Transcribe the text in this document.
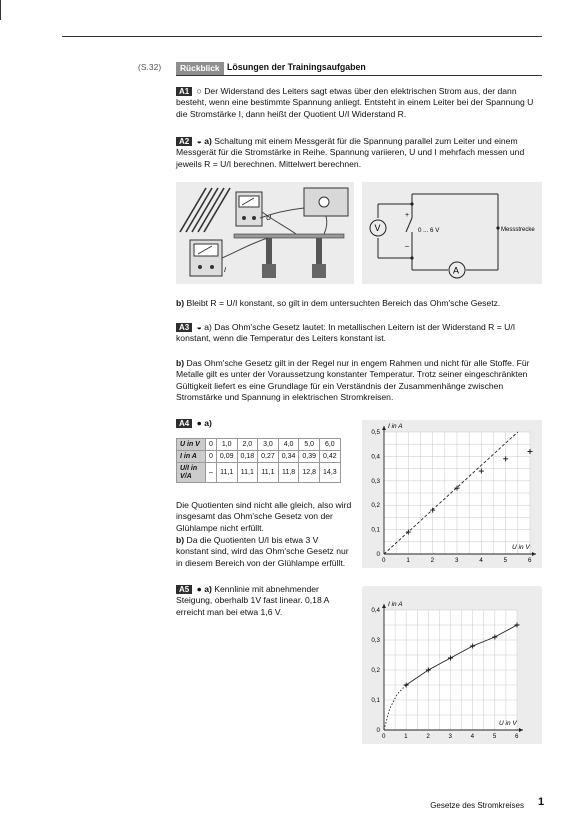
(S.32)	Rückblick Lösungen der Trainingsaufgaben
A1 ○ Der Widerstand des Leiters sagt etwas über den elektrischen Strom aus, der dann besteht, wenn eine bestimmte Spannung anliegt. Entsteht in einem Leiter bei der Spannung U die Stromstärke I, dann heißt der Quotient U/I Widerstand R.
A2 ◒ a) Schaltung mit einem Messgerät für die Spannung parallel zum Leiter und einem Messgerät für die Stromstärke in Reihe. Spannung variieren, U und I mehrfach messen und jeweils R = U/I berechnen. Mittelwert berechnen.
U
I
V
A
+
–
0 ... 6 V	Messstrecke
b) Bleibt R = U/I konstant, so gilt in dem untersuchten Bereich das Ohm'sche Gesetz.
A3 ◒ a) Das Ohm'sche Gesetz lautet: In metallischen Leitern ist der Widerstand R = U/I konstant, wenn die Temperatur des Leiters konstant ist.
b) Das Ohm'sche Gesetz gilt in der Regel nur in engem Rahmen und nicht für alle Stoffe. Für Metalle gilt es unter der Voraussetzung konstanter Temperatur. Trotz seiner eingeschränkten Gültigkeit liefert es eine Grundlage für ein Verständnis der Zusammenhänge zwischen Stromstärke und Spannung in elektrischen Stromkreisen.
A4 ● a)
U in V	0	1,0	2,0	3,0	4,0	5,0	6,0
I in A	0	0,09	0,18	0,27	0,34	0,39	0,42
U/I in V/A	–	11,1	11,1	11,1	11,8	12,8	14,3
Die Quotienten sind nicht alle gleich, also wird insgesamt das Ohm'sche Gesetz von der Glühlampe nicht erfüllt.
b) Da die Quotienten U/I bis etwa 3 V konstant sind, wird das Ohm'sche Gesetz nur in diesem Bereich von der Glühlampe erfüllt.	0	1	2	3	4	5	6
0
0,1
0,2
0,3
0,4
0,5
I in A
U in V
A5 ● a) Kennlinie mit abnehmender Steigung, oberhalb 1V fast linear. 0,18 A erreicht man bei etwa 1,6 V.
0	1	2	3	4	5	6
0
0,1
0,2
0,3
0,4
I in A
U in V
Gesetze des Stromkreises 1
